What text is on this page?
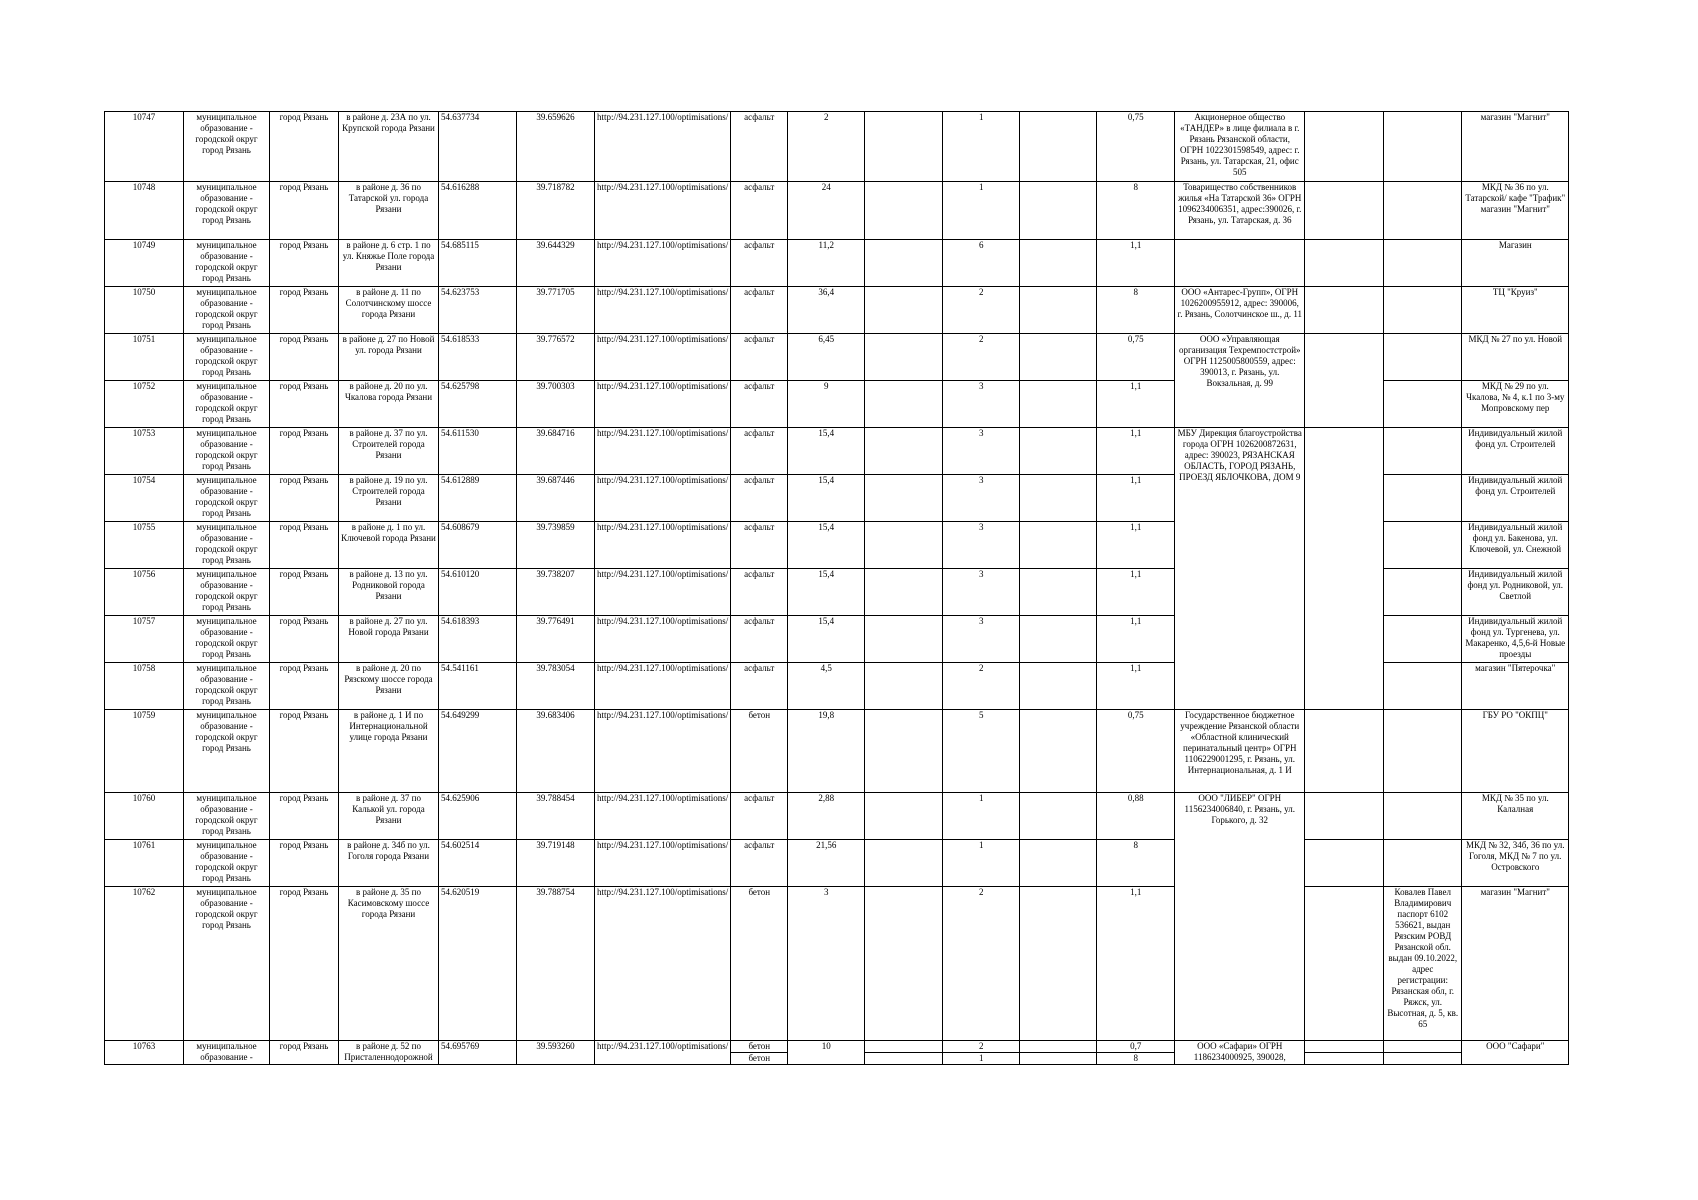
10747	муниципальное образование - городской округ город Рязань	город Рязань	в районе д. 23А по ул. Крупской города Рязани	54.637734	39.659626	http://94.231.127.100/optimisations/	асфальт	2		1		0,75	Акционерное общество «ТАНДЕР» в лице филиала в г. Рязань Рязанской области, ОГРН 1022301598549, адрес: г. Рязань, ул. Татарская, 21, офис 505			магазин "Магнит"
10748	муниципальное образование - городской округ город Рязань	город Рязань	в районе д. 36 по Татарской ул. города Рязани	54.616288	39.718782	http://94.231.127.100/optimisations/	асфальт	24		1		8	Товарищество собственников жилья «На Татарской 36» ОГРН 1096234006351, адрес:390026, г. Рязань, ул. Татарская, д. 36			МКД № 36 по ул. Татарской/ кафе "Трафик" магазин "Магнит"
10749	муниципальное образование - городской округ город Рязань	город Рязань	в районе д. 6 стр. 1 по ул. Княжье Поле города Рязани	54.685115	39.644329	http://94.231.127.100/optimisations/	асфальт	11,2		6		1,1				Магазин
10750	муниципальное образование - городской округ город Рязань	город Рязань	в районе д. 11 по Солотчинскому шоссе города Рязани	54.623753	39.771705	http://94.231.127.100/optimisations/	асфальт	36,4		2		8	ООО «Антарес-Групп», ОГРН 1026200955912, адрес: 390006, г. Рязань, Солотчинское ш., д. 11			ТЦ "Круиз"
10751	муниципальное образование - городской округ город Рязань	город Рязань	в районе д. 27 по Новой ул. города Рязани	54.618533	39.776572	http://94.231.127.100/optimisations/	асфальт	6,45		2		0,75	ООО «Управляющая организация Техремпостстрой» ОГРН 1125005800559, адрес: 390013, г. Рязань, ул. Вокзальная, д. 99			МКД № 27 по ул. Новой
10752	муниципальное образование - городской округ город Рязань	город Рязань	в районе д. 20 по ул. Чкалова города Рязани	54.625798	39.700303	http://94.231.127.100/optimisations/	асфальт	9		3		1,1				МКД № 29 по ул. Чкалова, № 4, к.1 по 3-му Мопровскому пер
10753	муниципальное образование - городской округ город Рязань	город Рязань	в районе д. 37 по ул. Строителей города Рязани	54.611530	39.684716	http://94.231.127.100/optimisations/	асфальт	15,4		3		1,1	МБУ Дирекция благоустройства города ОГРН 1026200872631, адрес: 390023, РЯЗАНСКАЯ ОБЛАСТЬ, ГОРОД РЯЗАНЬ, ПРОЕЗД ЯБЛОЧКОВА, ДОМ 9			Индивидуальный жилой фонд ул. Строителей
10754	муниципальное образование - городской округ город Рязань	город Рязань	в районе д. 19 по ул. Строителей города Рязани	54.612889	39.687446	http://94.231.127.100/optimisations/	асфальт	15,4		3		1,1				Индивидуальный жилой фонд ул. Строителей
10755	муниципальное образование - городской округ город Рязань	город Рязань	в районе д. 1 по ул. Ключевой города Рязани	54.608679	39.739859	http://94.231.127.100/optimisations/	асфальт	15,4		3		1,1				Индивидуальный жилой фонд ул. Бакенова, ул. Ключевой, ул. Снежной
10756	муниципальное образование - городской округ город Рязань	город Рязань	в районе д. 13 по ул. Родниковой города Рязани	54.610120	39.738207	http://94.231.127.100/optimisations/	асфальт	15,4		3		1,1				Индивидуальный жилой фонд ул. Родниковой, ул. Светлой
10757	муниципальное образование - городской округ город Рязань	город Рязань	в районе д. 27 по ул. Новой города Рязани	54.618393	39.776491	http://94.231.127.100/optimisations/	асфальт	15,4		3		1,1				Индивидуальный жилой фонд ул. Тургенева, ул. Макаренко, 4,5,6-й Новые проезды
10758	муниципальное образование - городской округ город Рязань	город Рязань	в районе д. 20 по Рязскому шоссе города Рязани	54.541161	39.783054	http://94.231.127.100/optimisations/	асфальт	4,5		2		1,1				магазин "Пятерочка"
10759	муниципальное образование - городской округ город Рязань	город Рязань	в районе д. 1 И по Интернациональной улице города Рязани	54.649299	39.683406	http://94.231.127.100/optimisations/	бетон	19,8		5		0,75	Государственное бюджетное учреждение Рязанской области «Областной клинический перинатальный центр» ОГРН 1106229001295, г. Рязань, ул. Интернациональная, д. 1 И			ГБУ РО "ОКПЦ"
10760	муниципальное образование - городской округ город Рязань	город Рязань	в районе д. 37 по Калькой ул. города Рязани	54.625906	39.788454	http://94.231.127.100/optimisations/	асфальт	2,88		1		0,88	ООО "ЛИБЕР" ОГРН 1156234006840, г. Рязань, ул. Горького, д. 32			МКД № 35 по ул. Калалная
10761	муниципальное образование - городской округ город Рязань	город Рязань	в районе д. 34б по ул. Гоголя города Рязани	54.602514	39.719148	http://94.231.127.100/optimisations/	асфальт	21,56		1		8				МКД № 32, 34б, 36 по ул. Гоголя, МКД № 7 по ул. Островского
10762	муниципальное образование - городской округ город Рязань	город Рязань	в районе д. 35 по Касимовскому шоссе города Рязани	54.620519	39.788754	http://94.231.127.100/optimisations/	бетон	3		2		1,1			Ковалев Павел Владимирович паспорт 6102 536621, выдан Рязским РОВД Рязанской обл. выдан 09.10.2022, адрес регистрации: Рязанская обл, г. Ряжск, ул. Высотная, д. 5, кв. 65	магазин "Магнит"
10763	муниципальное образование -	город Рязань	в районе д. 52 по Присталеннодорожной	54.695769	39.593260	http://94.231.127.100/optimisations/	бетон	10		2		0,7	ООО «Сафари» ОГРН 1186234000925, 390028,			ООО "Сафари"
							бетон			1		8				
